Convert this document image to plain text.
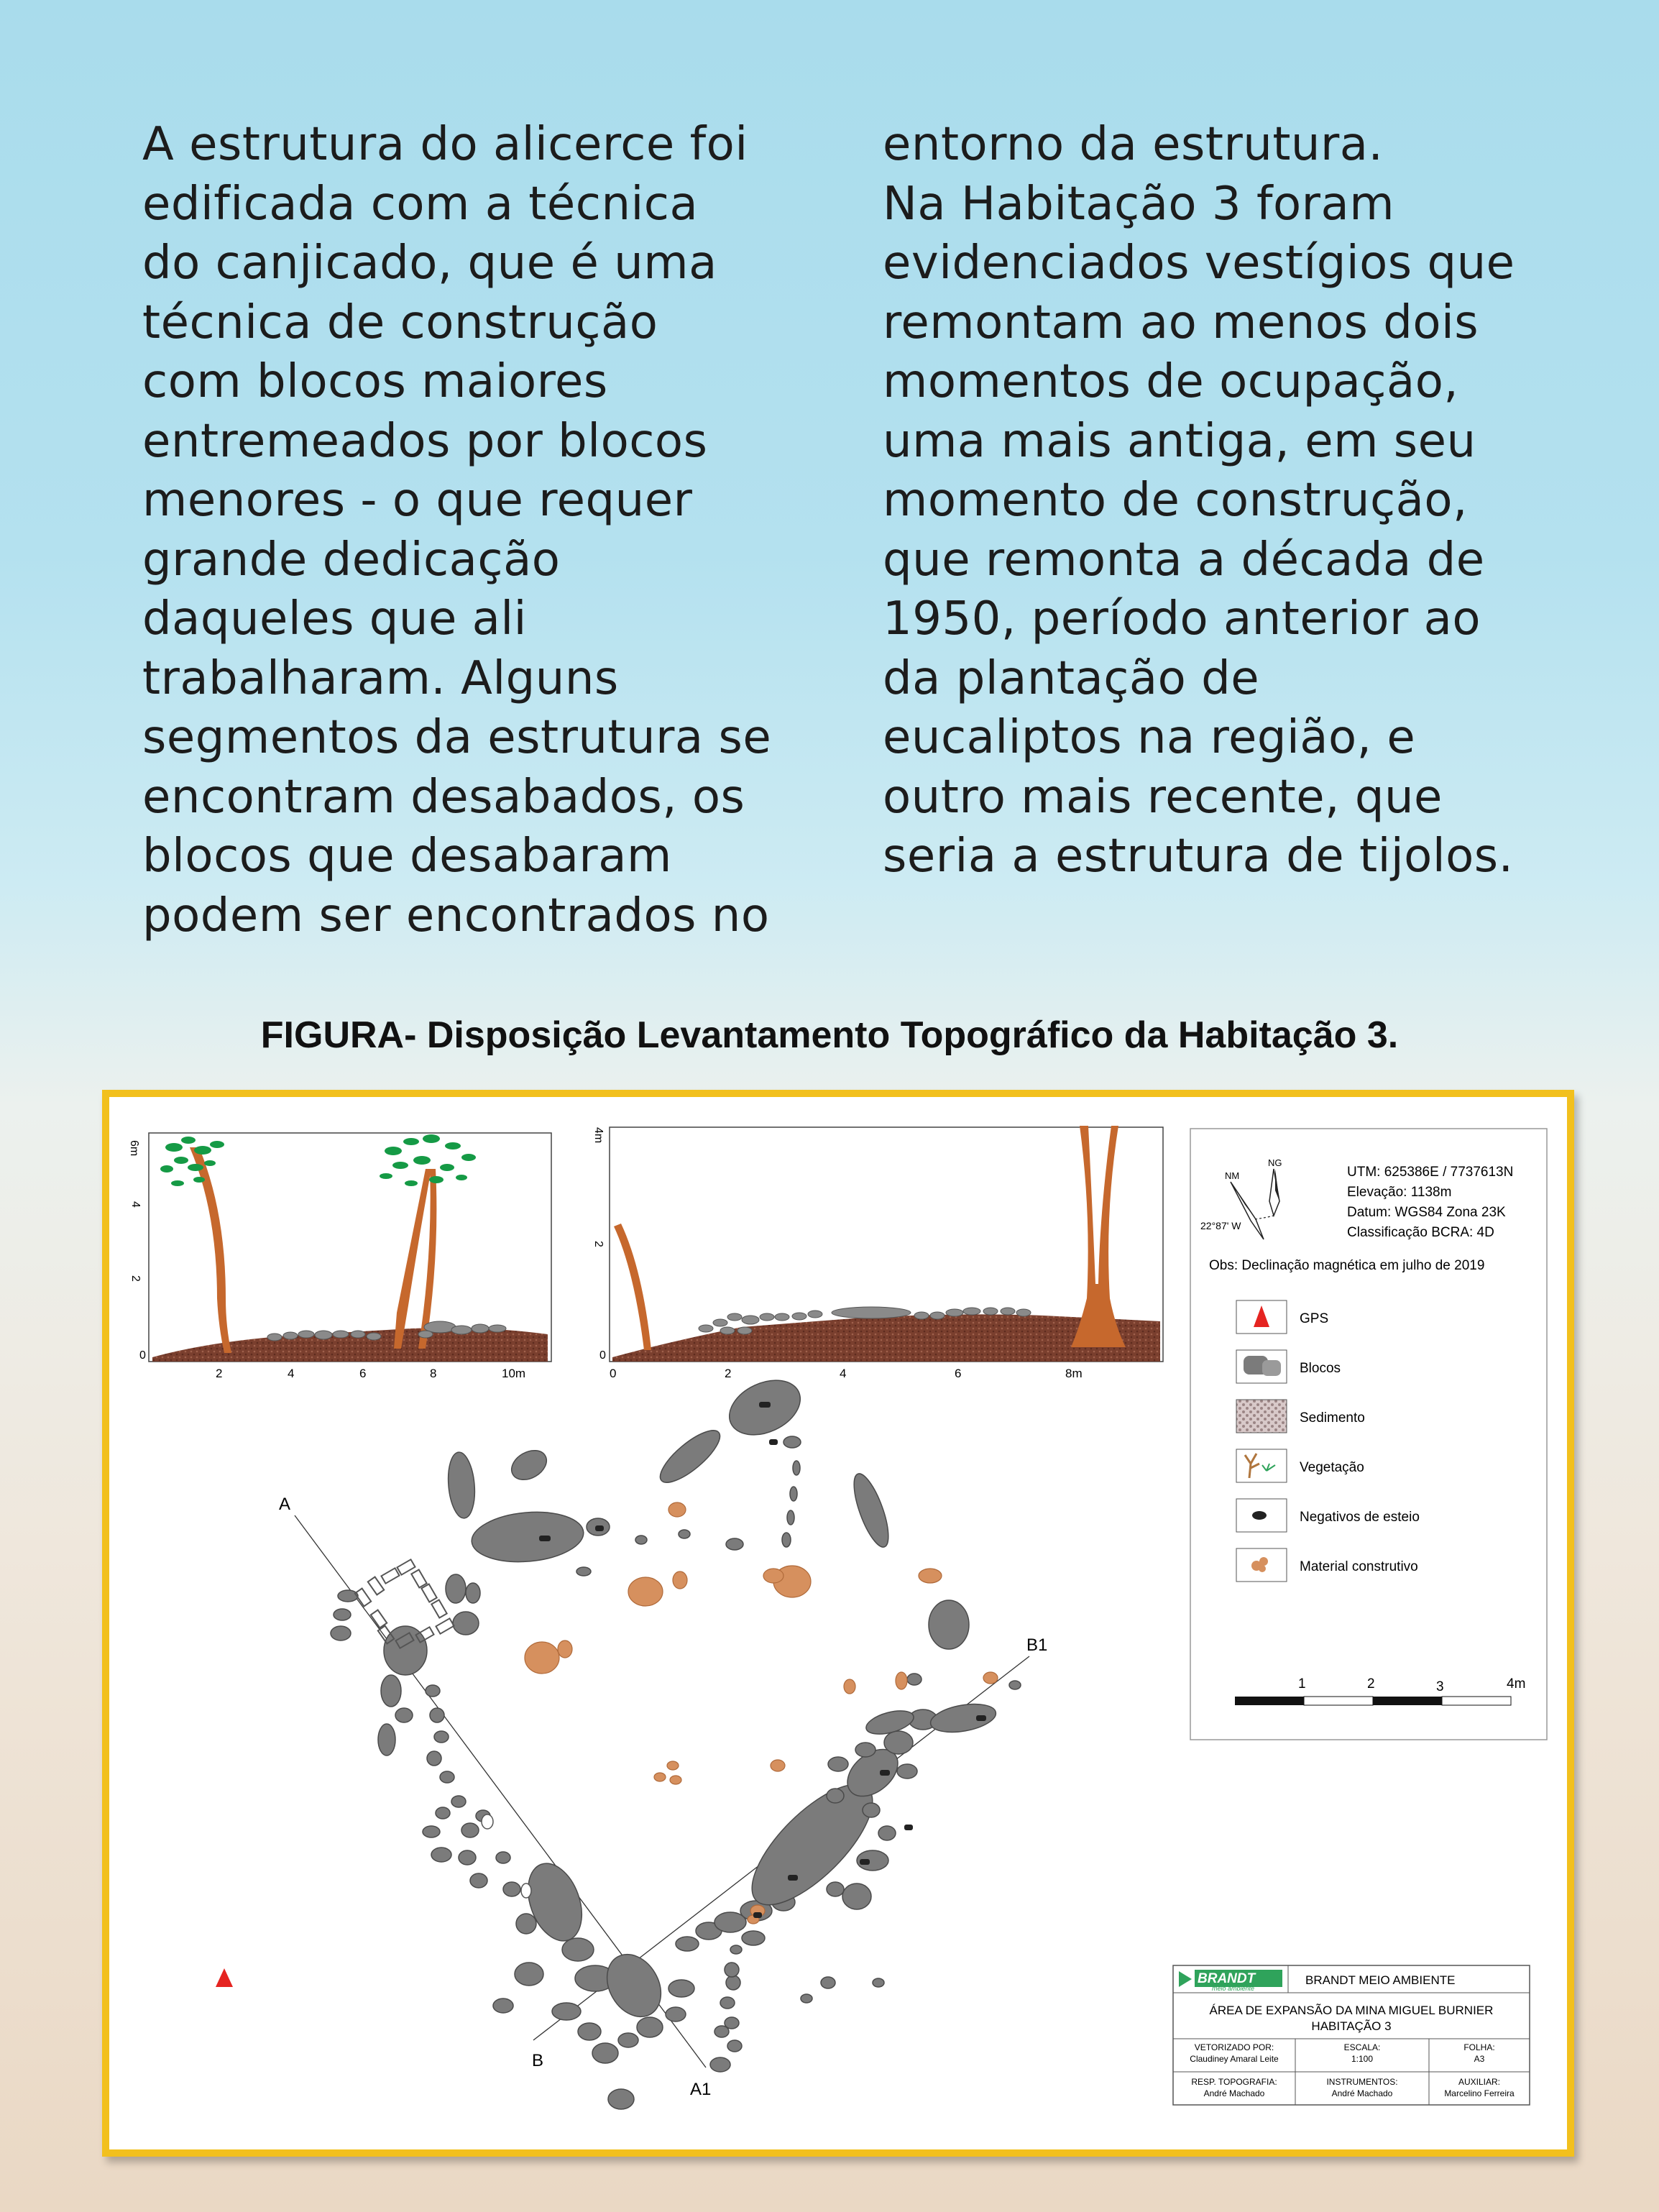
A estrutura do alicerce foi
edificada com a técnica
do canjicado, que é uma
técnica de construção
com blocos maiores
entremeados por blocos
menores - o que requer
grande dedicação
daqueles que ali
trabalharam. Alguns
segmentos da estrutura se
encontram desabados, os
blocos que desabaram
podem ser encontrados no
entorno da estrutura.
Na Habitação 3 foram
evidenciados vestígios que
remontam ao menos dois
momentos de ocupação,
uma mais antiga, em seu
momento de construção,
que remonta a década de
1950, período anterior ao
da plantação de
eucaliptos na região, e
outro mais recente, que
seria a estrutura de tijolos.
FIGURA- Disposição Levantamento Topográfico da Habitação 3.
6m
4
2
0
2	4	6	8	10m
4m
2
0
0	2	4	6	8m
NG
NM
22°87' W
UTM: 625386E / 7737613N
Elevação: 1138m
Datum: WGS84 Zona 23K
Classificação BCRA: 4D
Obs: Declinação magnética em julho de 2019
GPS
Blocos
Sedimento
Vegetação
Negativos de esteio
Material construtivo
1	2	3	4m
A
A1
B
B1
BRANDT
meio ambiente
BRANDT MEIO AMBIENTE
ÁREA DE EXPANSÃO DA MINA MIGUEL BURNIER
HABITAÇÃO 3
VETORIZADO POR:
Claudiney Amaral Leite
ESCALA:
1:100
FOLHA:
A3
RESP. TOPOGRAFIA:
André Machado
INSTRUMENTOS:
André Machado
AUXILIAR:
Marcelino Ferreira
